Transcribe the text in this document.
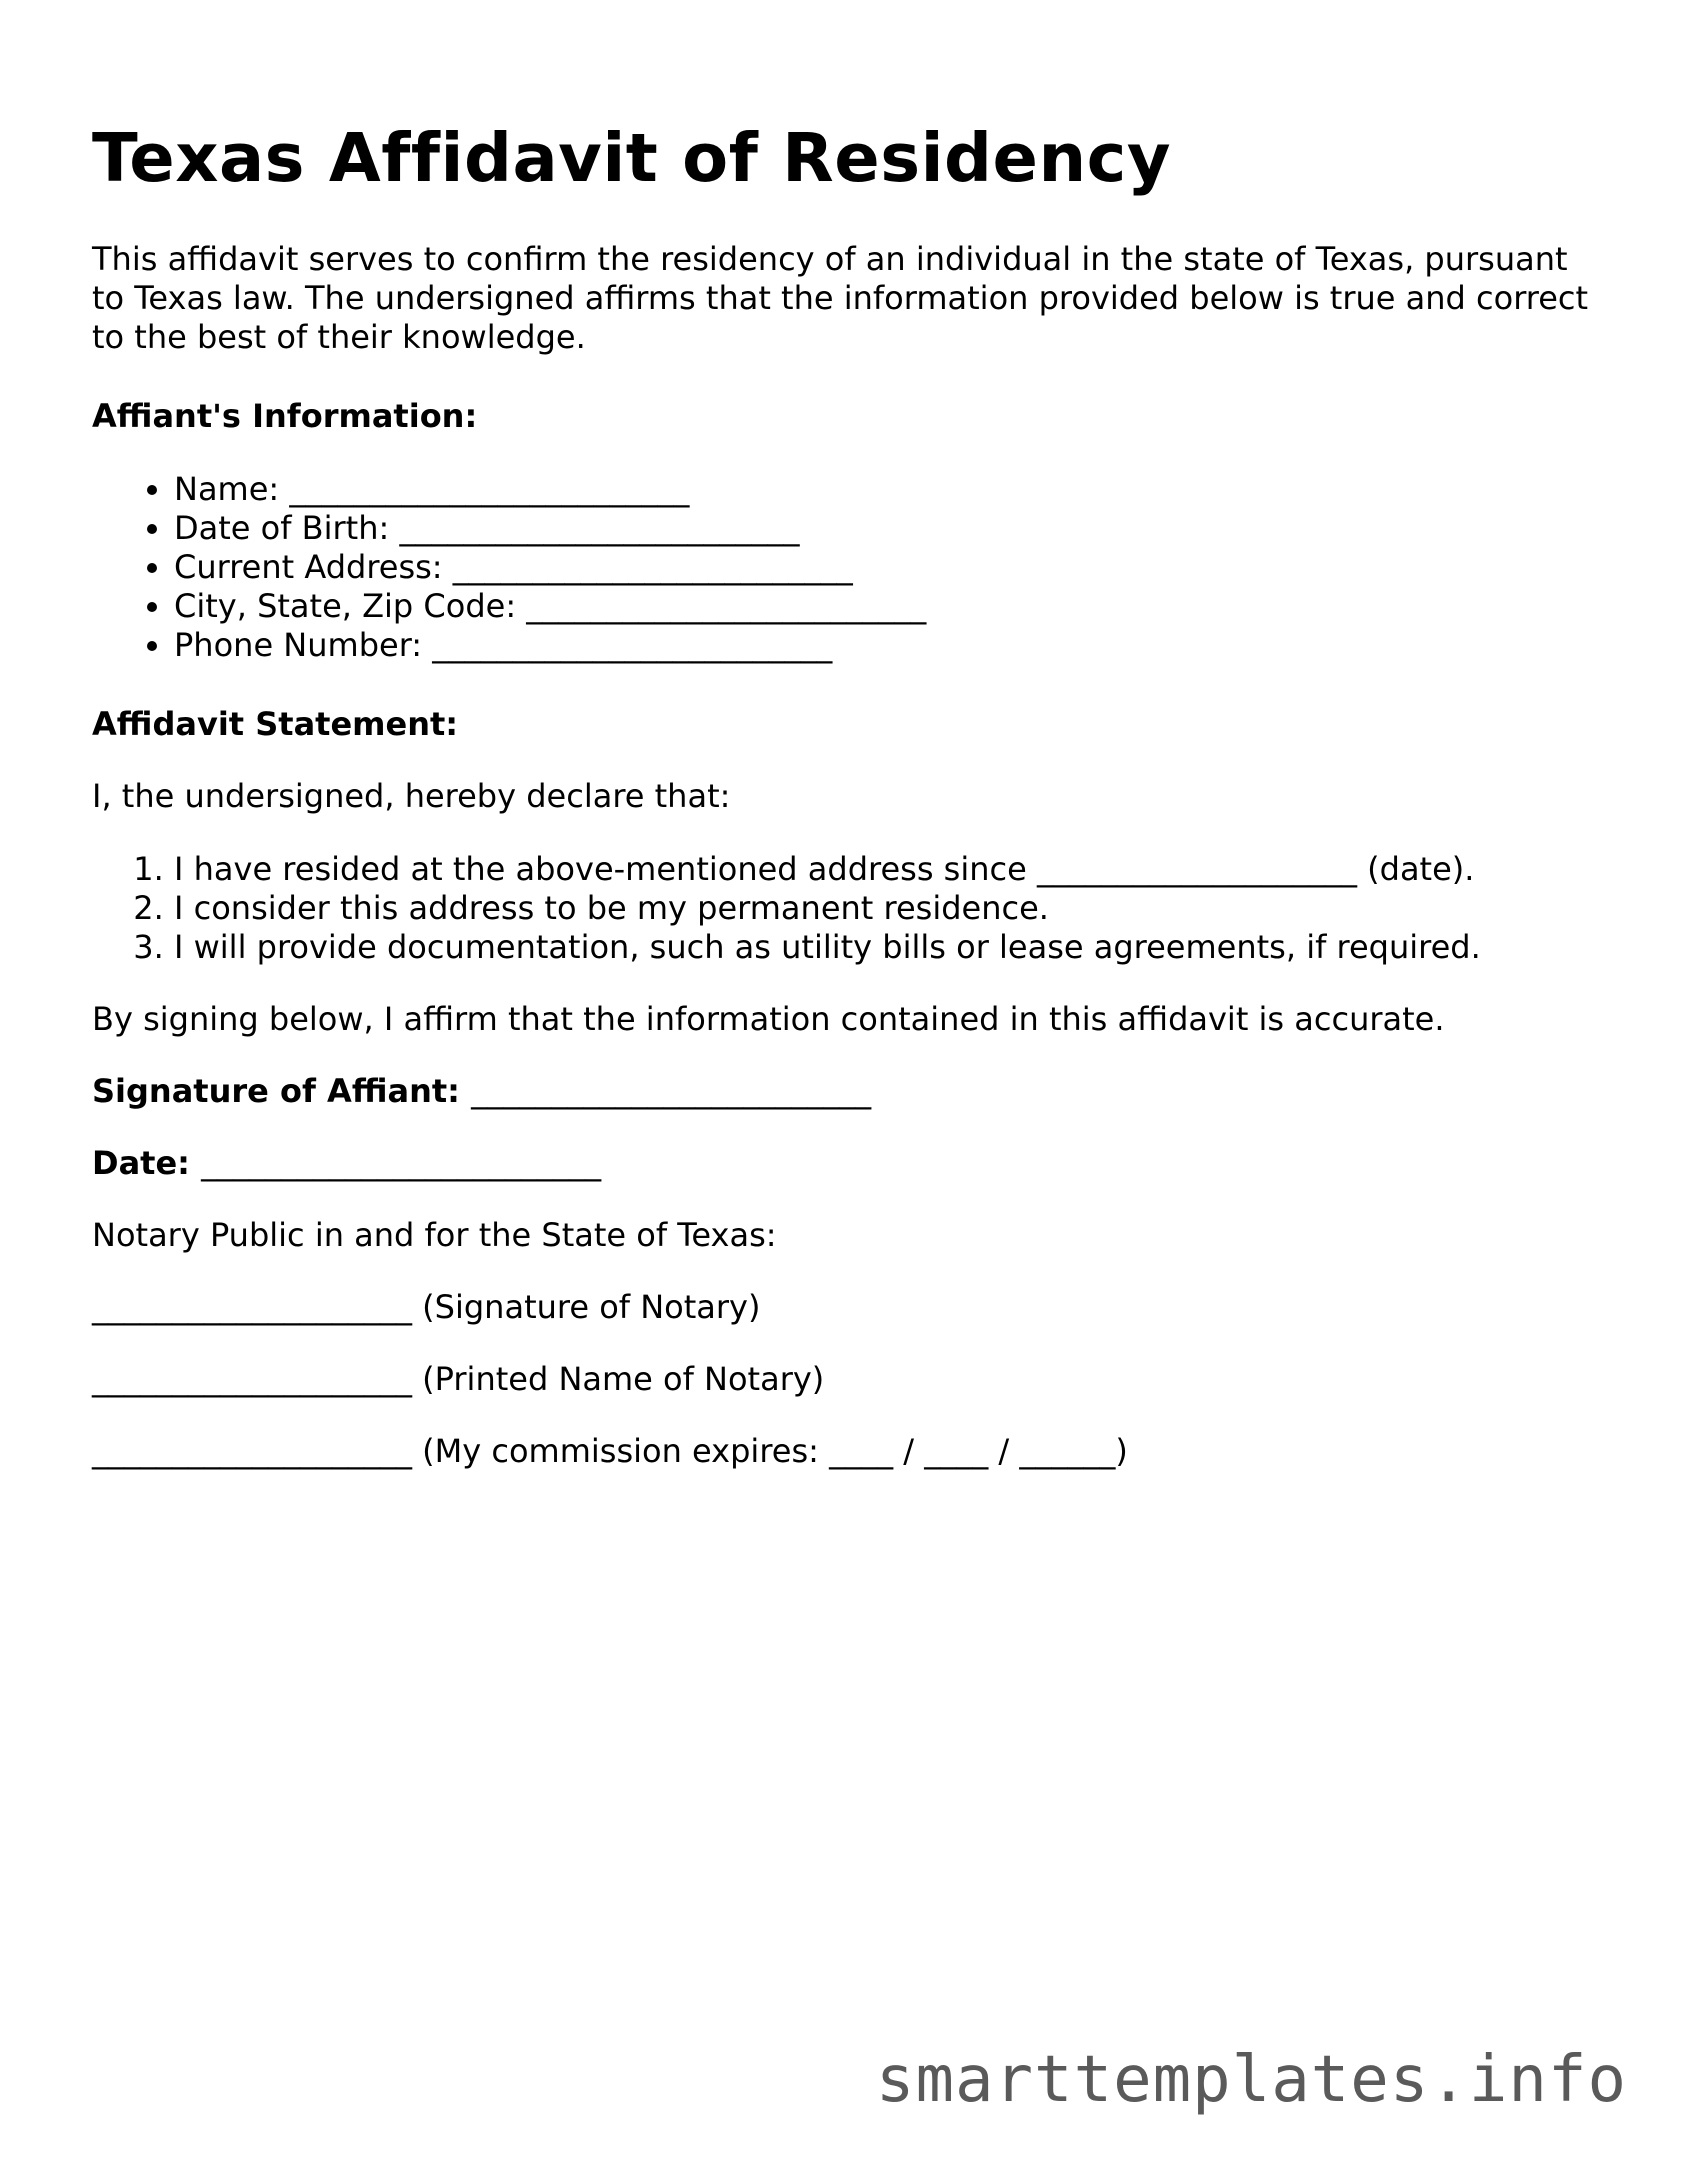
Texas Affidavit of Residency

This affidavit serves to confirm the residency of an individual in the state of Texas, pursuant to Texas law. The undersigned affirms that the information provided below is true and correct to the best of their knowledge.

Affiant's Information:

• Name: _________________________
• Date of Birth: _________________________
• Current Address: _________________________
• City, State, Zip Code: _________________________
• Phone Number: _________________________

Affidavit Statement:

I, the undersigned, hereby declare that:

1. I have resided at the above-mentioned address since ____________________ (date).
2. I consider this address to be my permanent residence.
3. I will provide documentation, such as utility bills or lease agreements, if required.

By signing below, I affirm that the information contained in this affidavit is accurate.

Signature of Affiant: _________________________

Date: _________________________

Notary Public in and for the State of Texas:

____________________ (Signature of Notary)

____________________ (Printed Name of Notary)

____________________ (My commission expires: ____ / ____ / ______)

smarttemplates.info
